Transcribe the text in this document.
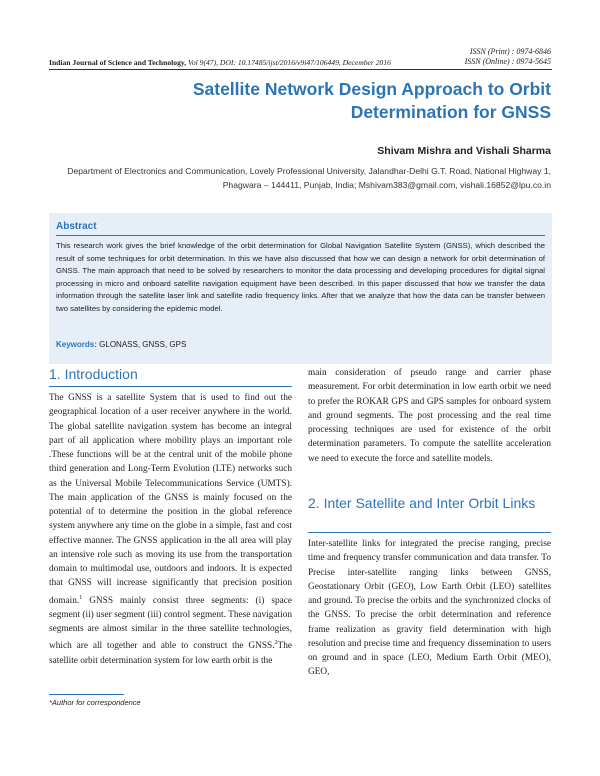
ISSN (Print) : 0974-6846
ISSN (Online) : 0974-5645
Indian Journal of Science and Technology, Vol 9(47), DOI: 10.17485/ijst/2016/v9i47/106449, December 2016
Satellite Network Design Approach to Orbit Determination for GNSS
Shivam Mishra and Vishali Sharma
Department of Electronics and Communication, Lovely Professional University, Jalandhar-Delhi G.T. Road, National Highway 1, Phagwara – 144411, Punjab, India; Mshivam383@gmail.com, vishali.16852@lpu.co.in
Abstract
This research work gives the brief knowledge of the orbit determination for Global Navigation Satellite System (GNSS), which described the result of some techniques for orbit determination. In this we have also discussed that how we can design a network for orbit determination of GNSS. The main approach that need to be solved by researchers to monitor the data processing and developing procedures for digital signal processing in micro and onboard satellite navigation equipment have been described. In this paper discussed that how we transfer the data information through the satellite laser link and satellite radio frequency links. After that we analyze that how the data can be transfer between two satellites by considering the epidemic model.
Keywords: GLONASS, GNSS, GPS
1. Introduction
The GNSS is a satellite System that is used to find out the geographical location of a user receiver anywhere in the world. The global satellite navigation system has become an integral part of all application where mobility plays an important role .These functions will be at the central unit of the mobile phone third generation and Long-Term Evolution (LTE) networks such as the Universal Mobile Telecommunications Service (UMTS). The main application of the GNSS is mainly focused on the potential of to determine the position in the global reference system anywhere any time on the globe in a simple, fast and cost effective manner. The GNSS application in the all area will play an intensive role such as moving its use from the transportation domain to multimodal use, outdoors and indoors. It is expected that GNSS will increase significantly that precision position domain.$^1$ GNSS mainly consist three segments: (i) space segment (ii) user segment (iii) control segment. These navigation segments are almost similar in the three satellite technologies, which are all together and able to construct the GNSS.$^2$The satellite orbit determination system for low earth orbit is the
main consideration of pseudo range and carrier phase measurement. For orbit determination in low earth orbit we need to prefer the ROKAR GPS and GPS samples for onboard system and ground segments. The post processing and the real time processing techniques are used for existence of the orbit determination parameters. To compute the satellite acceleration we need to execute the force and satellite models.
2. Inter Satellite and Inter Orbit Links
Inter-satellite links for integrated the precise ranging, precise time and frequency transfer communication and data transfer. To Precise inter-satellite ranging links between GNSS, Geostationary Orbit (GEO), Low Earth Orbit (LEO) satellites and ground. To precise the orbits and the synchronized clocks of the GNSS. To precise the orbit determination and reference frame realization as gravity field determination with high resolution and precise time and frequency dissemination to users on ground and in space (LEO, Medium Earth Orbit (MEO), GEO,
*Author for correspondence
